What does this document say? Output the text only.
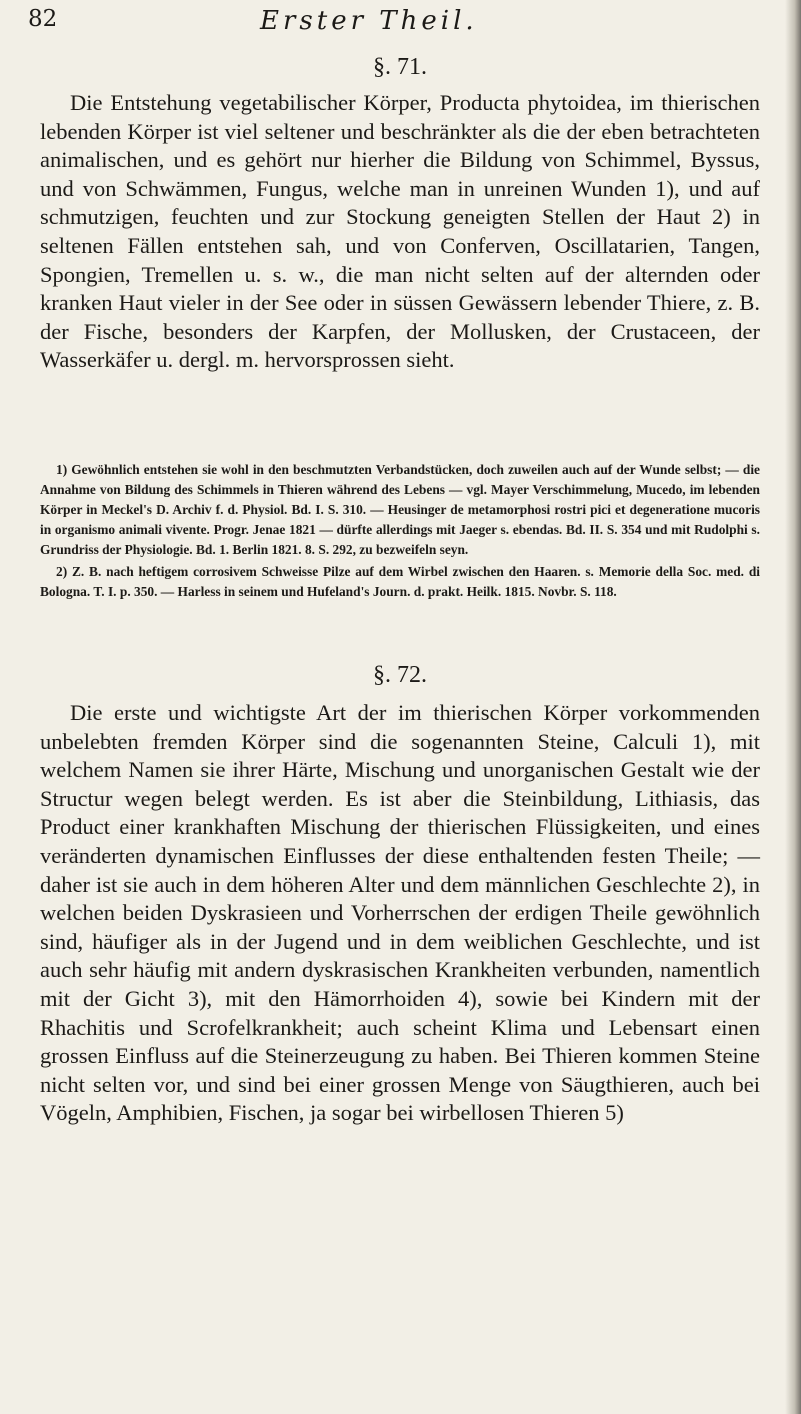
82	Erster Theil.
§. 71.

Die Entstehung vegetabilischer Körper, Producta phytoidea, im thierischen lebenden Körper ist viel seltener und beschränkter als die der eben betrachteten animalischen, und es gehört nur hierher die Bildung von Schimmel, Byssus, und von Schwämmen, Fungus, welche man in unreinen Wunden 1), und auf schmutzigen, feuchten und zur Stockung geneigten Stellen der Haut 2) in seltenen Fällen entstehen sah, und von Conferven, Oscillatarien, Tangen, Spongien, Tremellen u. s. w., die man nicht selten auf der alternden oder kranken Haut vieler in der See oder in süssen Gewässern lebender Thiere, z. B. der Fische, besonders der Karpfen, der Mollusken, der Crustaceen, der Wasserkäfer u. dergl. m. hervorsprossen sieht.

1) Gewöhnlich entstehen sie wohl in den beschmutzten Verbandstücken, doch zuweilen auch auf der Wunde selbst; — die Annahme von Bildung des Schimmels in Thieren während des Lebens — vgl. Mayer Verschimmelung, Mucedo, im lebenden Körper in Meckel's D. Archiv f. d. Physiol. Bd. I. S. 310. — Heusinger de metamorphosi rostri pici et degeneratione mucoris in organismo animali vivente. Progr. Jenae 1821 — dürfte allerdings mit Jaeger s. ebendas. Bd. II. S. 354 und mit Rudolphi s. Grundriss der Physiologie. Bd. 1. Berlin 1821. 8. S. 292, zu bezweifeln seyn.

2) Z. B. nach heftigem corrosivem Schweisse Pilze auf dem Wirbel zwischen den Haaren. s. Memorie della Soc. med. di Bologna. T. I. p. 350. — Harless in seinem und Hufeland's Journ. d. prakt. Heilk. 1815. Novbr. S. 118.

§. 72.

Die erste und wichtigste Art der im thierischen Körper vorkommenden unbelebten fremden Körper sind die sogenannten Steine, Calculi 1), mit welchem Namen sie ihrer Härte, Mischung und unorganischen Gestalt wie der Structur wegen belegt werden. Es ist aber die Steinbildung, Lithiasis, das Product einer krankhaften Mischung der thierischen Flüssigkeiten, und eines veränderten dynamischen Einflusses der diese enthaltenden festen Theile; — daher ist sie auch in dem höheren Alter und dem männlichen Geschlechte 2), in welchen beiden Dyskrasieen und Vorherrschen der erdigen Theile gewöhnlich sind, häufiger als in der Jugend und in dem weiblichen Geschlechte, und ist auch sehr häufig mit andern dyskrasischen Krankheiten verbunden, namentlich mit der Gicht 3), mit den Hämorrhoiden 4), sowie bei Kindern mit der Rhachitis und Scrofelkrankheit; auch scheint Klima und Lebensart einen grossen Einfluss auf die Steinerzeugung zu haben. Bei Thieren kommen Steine nicht selten vor, und sind bei einer grossen Menge von Säugthieren, auch bei Vögeln, Amphibien, Fischen, ja sogar bei wirbellosen Thieren 5)
